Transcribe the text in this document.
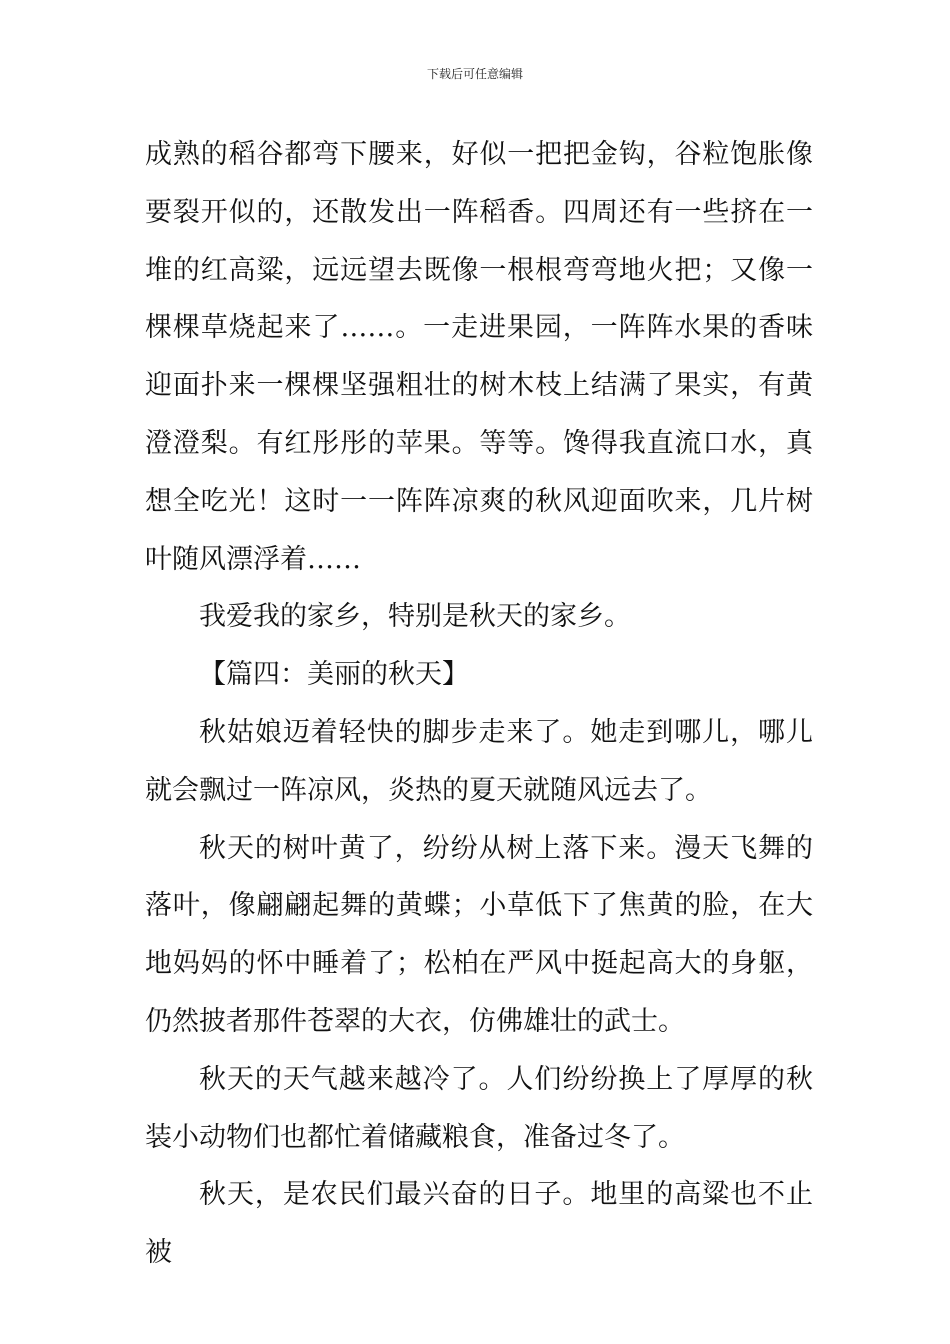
下载后可任意编辑

成熟的稻谷都弯下腰来，好似一把把金钩，谷粒饱胀像要裂开似的，还散发出一阵稻香。四周还有一些挤在一堆的红高粱，远远望去既像一根根弯弯地火把；又像一棵棵草烧起来了……。一走进果园，一阵阵水果的香味迎面扑来一棵棵坚强粗壮的树木枝上结满了果实，有黄澄澄梨。有红彤彤的苹果。等等。馋得我直流口水，真想全吃光！这时一一阵阵凉爽的秋风迎面吹来，几片树叶随风漂浮着……

我爱我的家乡，特别是秋天的家乡。

【篇四：美丽的秋天】

秋姑娘迈着轻快的脚步走来了。她走到哪儿，哪儿就会飘过一阵凉风，炎热的夏天就随风远去了。

秋天的树叶黄了，纷纷从树上落下来。漫天飞舞的落叶，像翩翩起舞的黄蝶；小草低下了焦黄的脸，在大地妈妈的怀中睡着了；松柏在严风中挺起高大的身躯，仍然披者那件苍翠的大衣，仿佛雄壮的武士。

秋天的天气越来越冷了。人们纷纷换上了厚厚的秋装小动物们也都忙着储藏粮食，准备过冬了。

秋天，是农民们最兴奋的日子。地里的高粱也不止被
